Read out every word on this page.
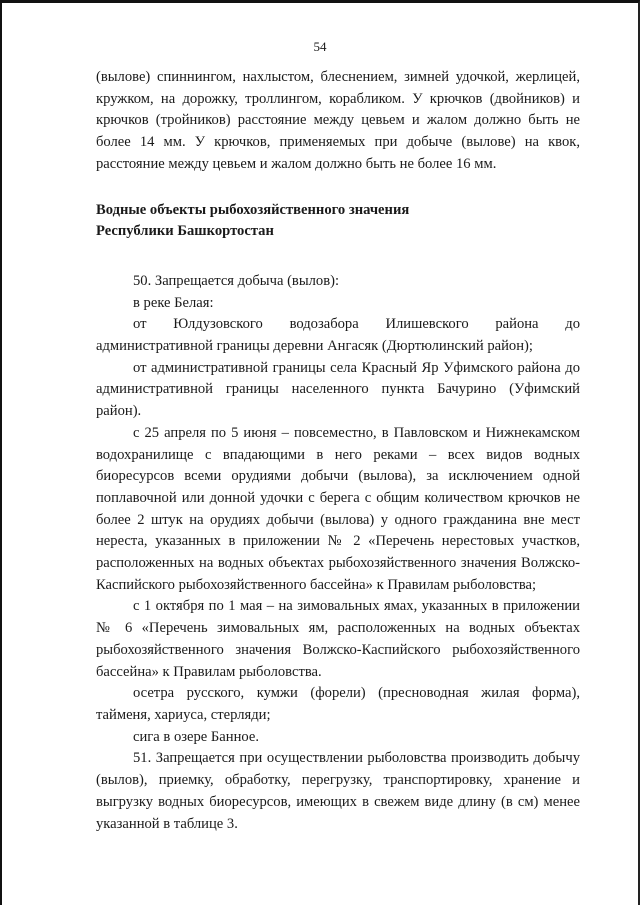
54

(вылове) спиннингом, нахлыстом, блеснением, зимней удочкой, жерлицей, кружком, на дорожку, троллингом, корабликом. У крючков (двойников) и крючков (тройников) расстояние между цевьем и жалом должно быть не более 14 мм. У крючков, применяемых при добыче (вылове) на квок, расстояние между цевьем и жалом должно быть не более 16 мм.

Водные объекты рыбохозяйственного значения
Республики Башкортостан

50. Запрещается добыча (вылов):

в реке Белая:

от Юлдузовского водозабора Илишевского района до административной границы деревни Ангасяк (Дюртюлинский район);

от административной границы села Красный Яр Уфимского района до административной границы населенного пункта Бачурино (Уфимский район).

с 25 апреля по 5 июня – повсеместно, в Павловском и Нижнекамском водохранилище с впадающими в него реками – всех видов водных биоресурсов всеми орудиями добычи (вылова), за исключением одной поплавочной или донной удочки с берега с общим количеством крючков не более 2 штук на орудиях добычи (вылова) у одного гражданина вне мест нереста, указанных в приложении № 2 «Перечень нерестовых участков, расположенных на водных объектах рыбохозяйственного значения Волжско-Каспийского рыбохозяйственного бассейна» к Правилам рыболовства;

с 1 октября по 1 мая – на зимовальных ямах, указанных в приложении № 6 «Перечень зимовальных ям, расположенных на водных объектах рыбохозяйственного значения Волжско-Каспийского рыбохозяйственного бассейна» к Правилам рыболовства.

осетра русского, кумжи (форели) (пресноводная жилая форма), тайменя, хариуса, стерляди;

сига в озере Банное.

51. Запрещается при осуществлении рыболовства производить добычу (вылов), приемку, обработку, перегрузку, транспортировку, хранение и выгрузку водных биоресурсов, имеющих в свежем виде длину (в см) менее указанной в таблице 3.
